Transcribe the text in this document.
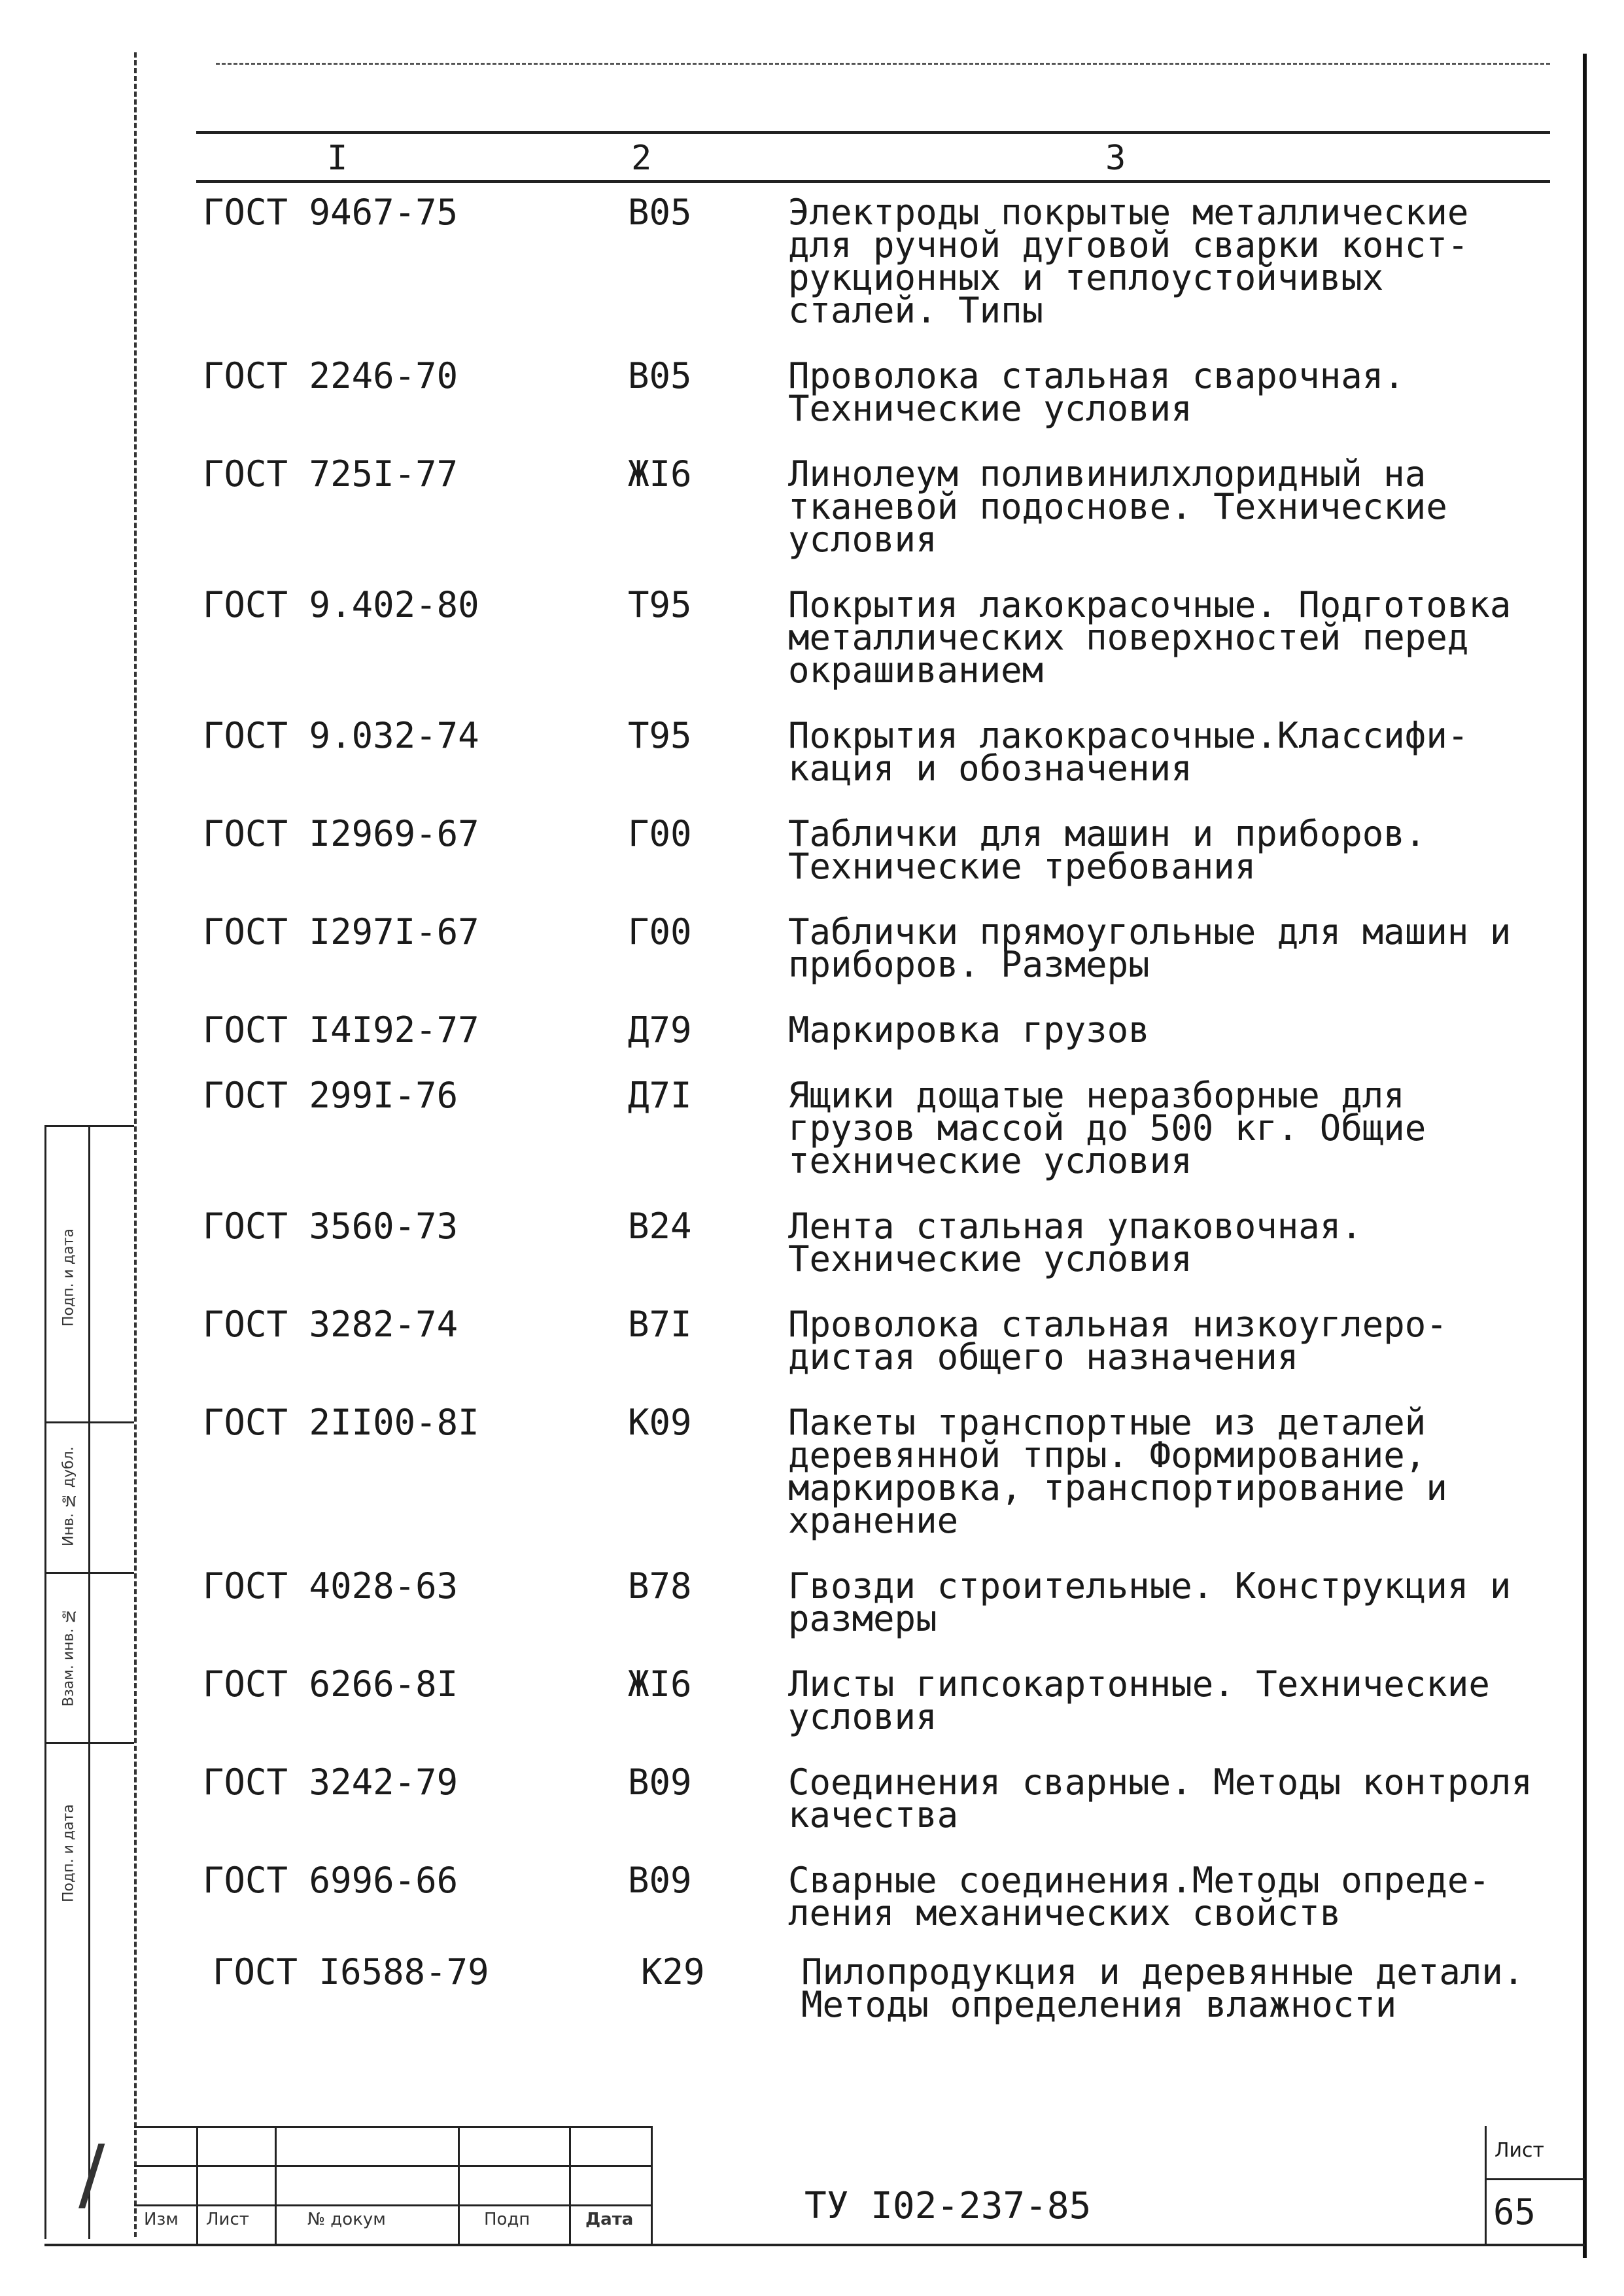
Подп. и дата
Инв. № дубл.
Взам. инв. №
Подп. и дата
I	2	3
ГОСТ 9467-75	В05	Электроды покрытые металлические
для ручной дуговой сварки конст-
рукционных и теплоустойчивых
сталей. Типы
ГОСТ 2246-70	В05	Проволока стальная сварочная.
Технические условия
ГОСТ 725I-77	ЖI6	Линолеум поливинилхлоридный на
тканевой подоснове. Технические
условия
ГОСТ 9.402-80	Т95	Покрытия лакокрасочные. Подготовка
металлических поверхностей перед
окрашиванием
ГОСТ 9.032-74	Т95	Покрытия лакокрасочные.Классифи-
кация и обозначения
ГОСТ I2969-67	Г00	Таблички для машин и приборов.
Технические требования
ГОСТ I297I-67	Г00	Таблички прямоугольные для машин и
приборов. Размеры
ГОСТ I4I92-77	Д79	Маркировка грузов
ГОСТ 299I-76	Д7I	Ящики дощатые неразборные для
грузов массой до 500 кг. Общие
технические условия
ГОСТ 3560-73	В24	Лента стальная упаковочная.
Технические условия
ГОСТ 3282-74	В7I	Проволока стальная низкоуглеро-
дистая общего назначения
ГОСТ 2II00-8I	К09	Пакеты транспортные из деталей
деревянной тпры. Формирование,
маркировка, транспортирование и
хранение
ГОСТ 4028-63	В78	Гвозди строительные. Конструкция и
размеры
ГОСТ 6266-8I	ЖI6	Листы гипсокартонные. Технические
условия
ГОСТ 3242-79	В09	Соединения сварные. Методы контроля
качества
ГОСТ 6996-66	В09	Сварные соединения.Методы опреде-
ления механических свойств
ГОСТ I6588-79	К29	Пилопродукция и деревянные детали.
Методы определения влажности
/ Изм Лист	№ докум	Подп	Дата	ТУ I02-237-85
Лист
65
